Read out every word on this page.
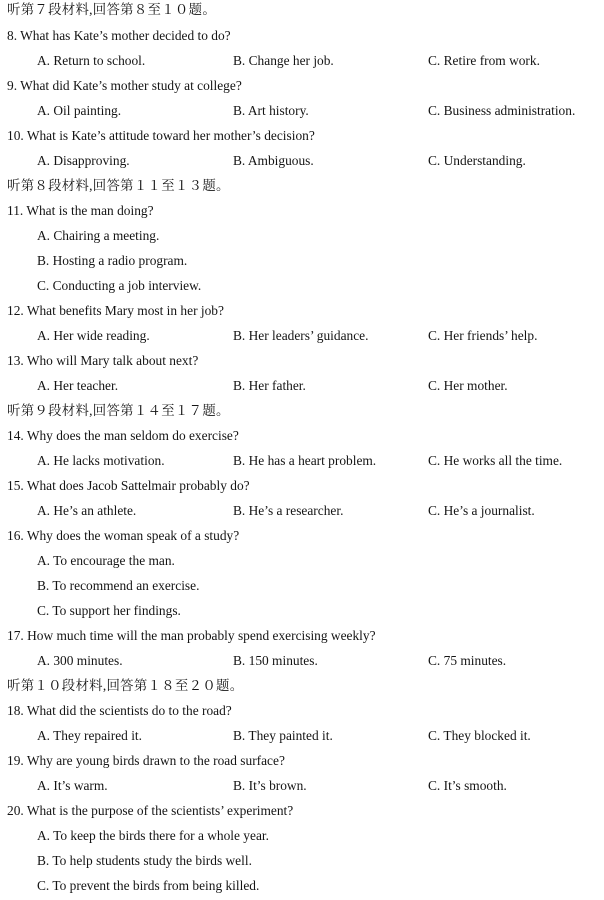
听第７段材料,回答第８至１０题。
8. What has Kate’s mother decided to do?
A. Return to school.	B. Change her job.	C. Retire from work.
9. What did Kate’s mother study at college?
A. Oil painting.	B. Art history.	C. Business administration.
10. What is Kate’s attitude toward her mother’s decision?
A. Disapproving.	B. Ambiguous.	C. Understanding.
听第８段材料,回答第１１至１３题。
11. What is the man doing?
A. Chairing a meeting.
B. Hosting a radio program.
C. Conducting a job interview.
12. What benefits Mary most in her job?
A. Her wide reading.	B. Her leaders’ guidance.	C. Her friends’ help.
13. Who will Mary talk about next?
A. Her teacher.	B. Her father.	C. Her mother.
听第９段材料,回答第１４至１７题。
14. Why does the man seldom do exercise?
A. He lacks motivation.	B. He has a heart problem.	C. He works all the time.
15. What does Jacob Sattelmair probably do?
A. He’s an athlete.	B. He’s a researcher.	C. He’s a journalist.
16. Why does the woman speak of a study?
A. To encourage the man.
B. To recommend an exercise.
C. To support her findings.
17. How much time will the man probably spend exercising weekly?
A. 300 minutes.	B. 150 minutes.	C. 75 minutes.
听第１０段材料,回答第１８至２０题。
18. What did the scientists do to the road?
A. They repaired it.	B. They painted it.	C. They blocked it.
19. Why are young birds drawn to the road surface?
A. It’s warm.	B. It’s brown.	C. It’s smooth.
20. What is the purpose of the scientists’ experiment?
A. To keep the birds there for a whole year.
B. To help students study the birds well.
C. To prevent the birds from being killed.
